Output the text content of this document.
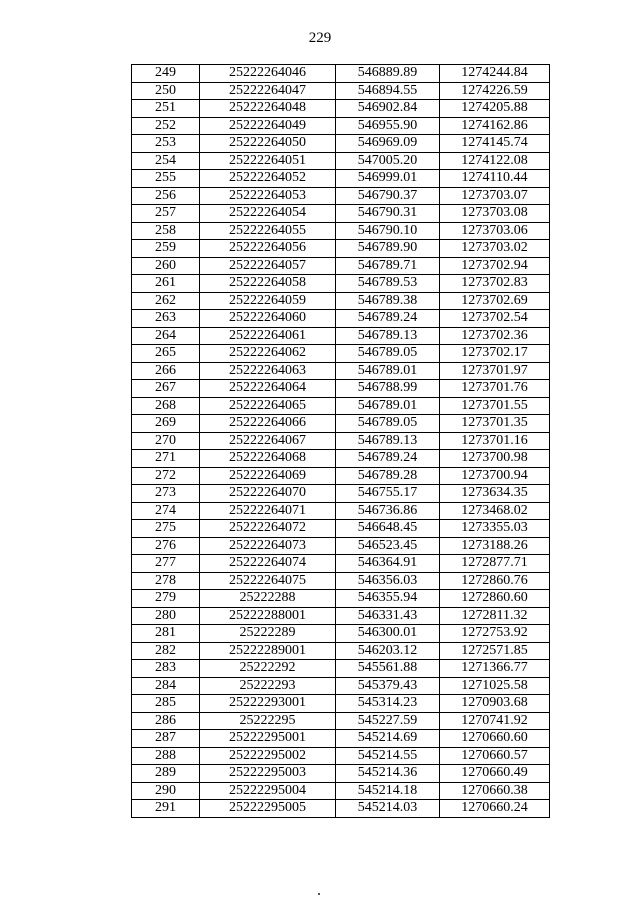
229
249	25222264046	546889.89	1274244.84
250	25222264047	546894.55	1274226.59
251	25222264048	546902.84	1274205.88
252	25222264049	546955.90	1274162.86
253	25222264050	546969.09	1274145.74
254	25222264051	547005.20	1274122.08
255	25222264052	546999.01	1274110.44
256	25222264053	546790.37	1273703.07
257	25222264054	546790.31	1273703.08
258	25222264055	546790.10	1273703.06
259	25222264056	546789.90	1273703.02
260	25222264057	546789.71	1273702.94
261	25222264058	546789.53	1273702.83
262	25222264059	546789.38	1273702.69
263	25222264060	546789.24	1273702.54
264	25222264061	546789.13	1273702.36
265	25222264062	546789.05	1273702.17
266	25222264063	546789.01	1273701.97
267	25222264064	546788.99	1273701.76
268	25222264065	546789.01	1273701.55
269	25222264066	546789.05	1273701.35
270	25222264067	546789.13	1273701.16
271	25222264068	546789.24	1273700.98
272	25222264069	546789.28	1273700.94
273	25222264070	546755.17	1273634.35
274	25222264071	546736.86	1273468.02
275	25222264072	546648.45	1273355.03
276	25222264073	546523.45	1273188.26
277	25222264074	546364.91	1272877.71
278	25222264075	546356.03	1272860.76
279	25222288	546355.94	1272860.60
280	25222288001	546331.43	1272811.32
281	25222289	546300.01	1272753.92
282	25222289001	546203.12	1272571.85
283	25222292	545561.88	1271366.77
284	25222293	545379.43	1271025.58
285	25222293001	545314.23	1270903.68
286	25222295	545227.59	1270741.92
287	25222295001	545214.69	1270660.60
288	25222295002	545214.55	1270660.57
289	25222295003	545214.36	1270660.49
290	25222295004	545214.18	1270660.38
291	25222295005	545214.03	1270660.24
